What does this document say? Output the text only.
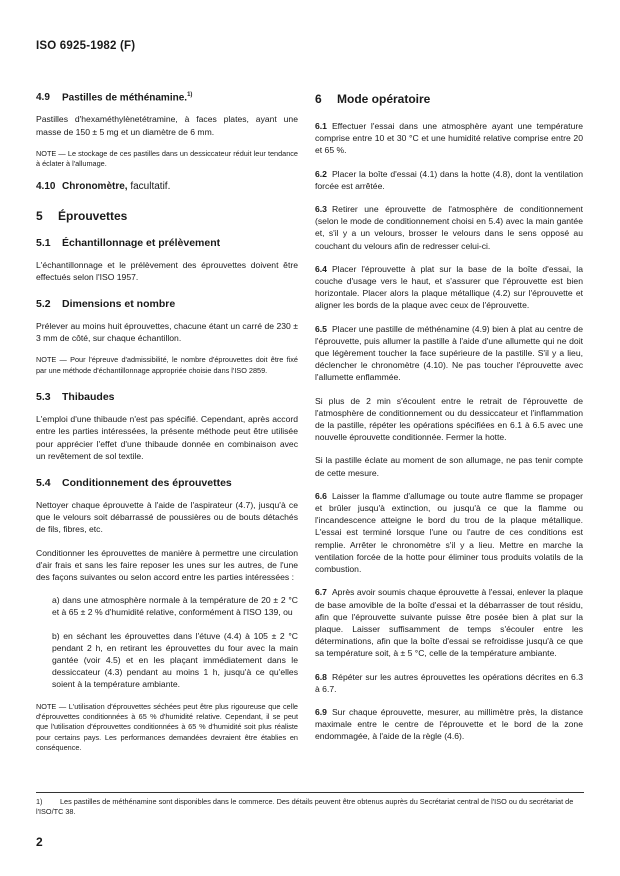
ISO 6925-1982 (F)
4.9 Pastilles de méthénamine.$^{1)}$

Pastilles d'hexaméthylènetétramine, à faces plates, ayant une masse de 150 ± 5 mg et un diamètre de 6 mm.

NOTE — Le stockage de ces pastilles dans un dessiccateur réduit leur tendance à éclater à l'allumage.

4.10 Chronomètre, facultatif.
5 Éprouvettes
5.1 Échantillonnage et prélèvement

L'échantillonnage et le prélèvement des éprouvettes doivent être effectués selon l'ISO 1957.

5.2 Dimensions et nombre

Prélever au moins huit éprouvettes, chacune étant un carré de 230 ± 3 mm de côté, sur chaque échantillon.

NOTE — Pour l'épreuve d'admissibilité, le nombre d'éprouvettes doit être fixé par une méthode d'échantillonnage appropriée choisie dans l'ISO 2859.

5.3 Thibaudes

L'emploi d'une thibaude n'est pas spécifié. Cependant, après accord entre les parties intéressées, la présente méthode peut être utilisée pour apprécier l'effet d'une thibaude donnée en combinaison avec un revêtement de sol textile.

5.4 Conditionnement des éprouvettes

Nettoyer chaque éprouvette à l'aide de l'aspirateur (4.7), jusqu'à ce que le velours soit débarrassé de poussières ou de bouts détachés de fils, fibres, etc.

Conditionner les éprouvettes de manière à permettre une circulation d'air frais et sans les faire reposer les unes sur les autres, de l'une des façons suivantes ou selon accord entre les parties intéressées :

a) dans une atmosphère normale à la température de 20 ± 2 °C et à 65 ± 2 % d'humidité relative, conformément à l'ISO 139, ou

b) en séchant les éprouvettes dans l'étuve (4.4) à 105 ± 2 °C pendant 2 h, en retirant les éprouvettes du four avec la main gantée (voir 4.5) et en les plaçant immédiatement dans le dessiccateur (4.3) pendant au moins 1 h, jusqu'à ce qu'elles soient à la température ambiante.

NOTE — L'utilisation d'éprouvettes séchées peut être plus rigoureuse que celle d'éprouvettes conditionnées à 65 % d'humidité relative. Cependant, il se peut que l'utilisation d'éprouvettes conditionnées à 65 % d'humidité soit plus réaliste pour certains pays. Les performances demandées devraient être établies en conséquence.

6 Mode opératoire

6.1 Effectuer l'essai dans une atmosphère ayant une température comprise entre 10 et 30 °C et une humidité relative comprise entre 20 et 65 %.

6.2 Placer la boîte d'essai (4.1) dans la hotte (4.8), dont la ventilation forcée est arrêtée.

6.3 Retirer une éprouvette de l'atmosphère de conditionnement (selon le mode de conditionnement choisi en 5.4) avec la main gantée et, s'il y a un velours, brosser le velours dans le sens opposé au couchant du velours afin de redresser celui-ci.

6.4 Placer l'éprouvette à plat sur la base de la boîte d'essai, la couche d'usage vers le haut, et s'assurer que l'éprouvette est bien horizontale. Placer alors la plaque métallique (4.2) sur l'éprouvette et aligner les bords de la plaque avec ceux de l'éprouvette.

6.5 Placer une pastille de méthénamine (4.9) bien à plat au centre de l'éprouvette, puis allumer la pastille à l'aide d'une allumette qui ne doit que légèrement toucher la face supérieure de la pastille. S'il y a lieu, déclencher le chronomètre (4.10). Ne pas toucher l'éprouvette avec l'allumette enflammée.

Si plus de 2 min s'écoulent entre le retrait de l'éprouvette de l'atmosphère de conditionnement ou du dessiccateur et l'inflammation de la pastille, répéter les opérations spécifiées en 6.1 à 6.5 avec une nouvelle éprouvette conditionnée. Fermer la hotte.

Si la pastille éclate au moment de son allumage, ne pas tenir compte de cette mesure.

6.6 Laisser la flamme d'allumage ou toute autre flamme se propager et brûler jusqu'à extinction, ou jusqu'à ce que la flamme ou l'incandescence atteigne le bord du trou de la plaque métallique. L'essai est terminé lorsque l'une ou l'autre de ces conditions est remplie. Arrêter le chronomètre s'il y a lieu. Mettre en marche la ventilation forcée de la hotte pour éliminer tous produits volatils de la combustion.

6.7 Après avoir soumis chaque éprouvette à l'essai, enlever la plaque de base amovible de la boîte d'essai et la débarrasser de tout résidu, afin que l'éprouvette suivante puisse être posée bien à plat sur la plaque. Laisser suffisamment de temps s'écouler entre les déterminations, afin que la boîte d'essai se refroidisse jusqu'à ce que sa température soit, à ± 5 °C, celle de la température ambiante.

6.8 Répéter sur les autres éprouvettes les opérations décrites en 6.3 à 6.7.

6.9 Sur chaque éprouvette, mesurer, au millimètre près, la distance maximale entre le centre de l'éprouvette et le bord de la zone endommagée, à l'aide de la règle (4.6).

1) Les pastilles de méthénamine sont disponibles dans le commerce. Des détails peuvent être obtenus auprès du Secrétariat central de l'ISO ou du secrétariat de l'ISO/TC 38.
2
